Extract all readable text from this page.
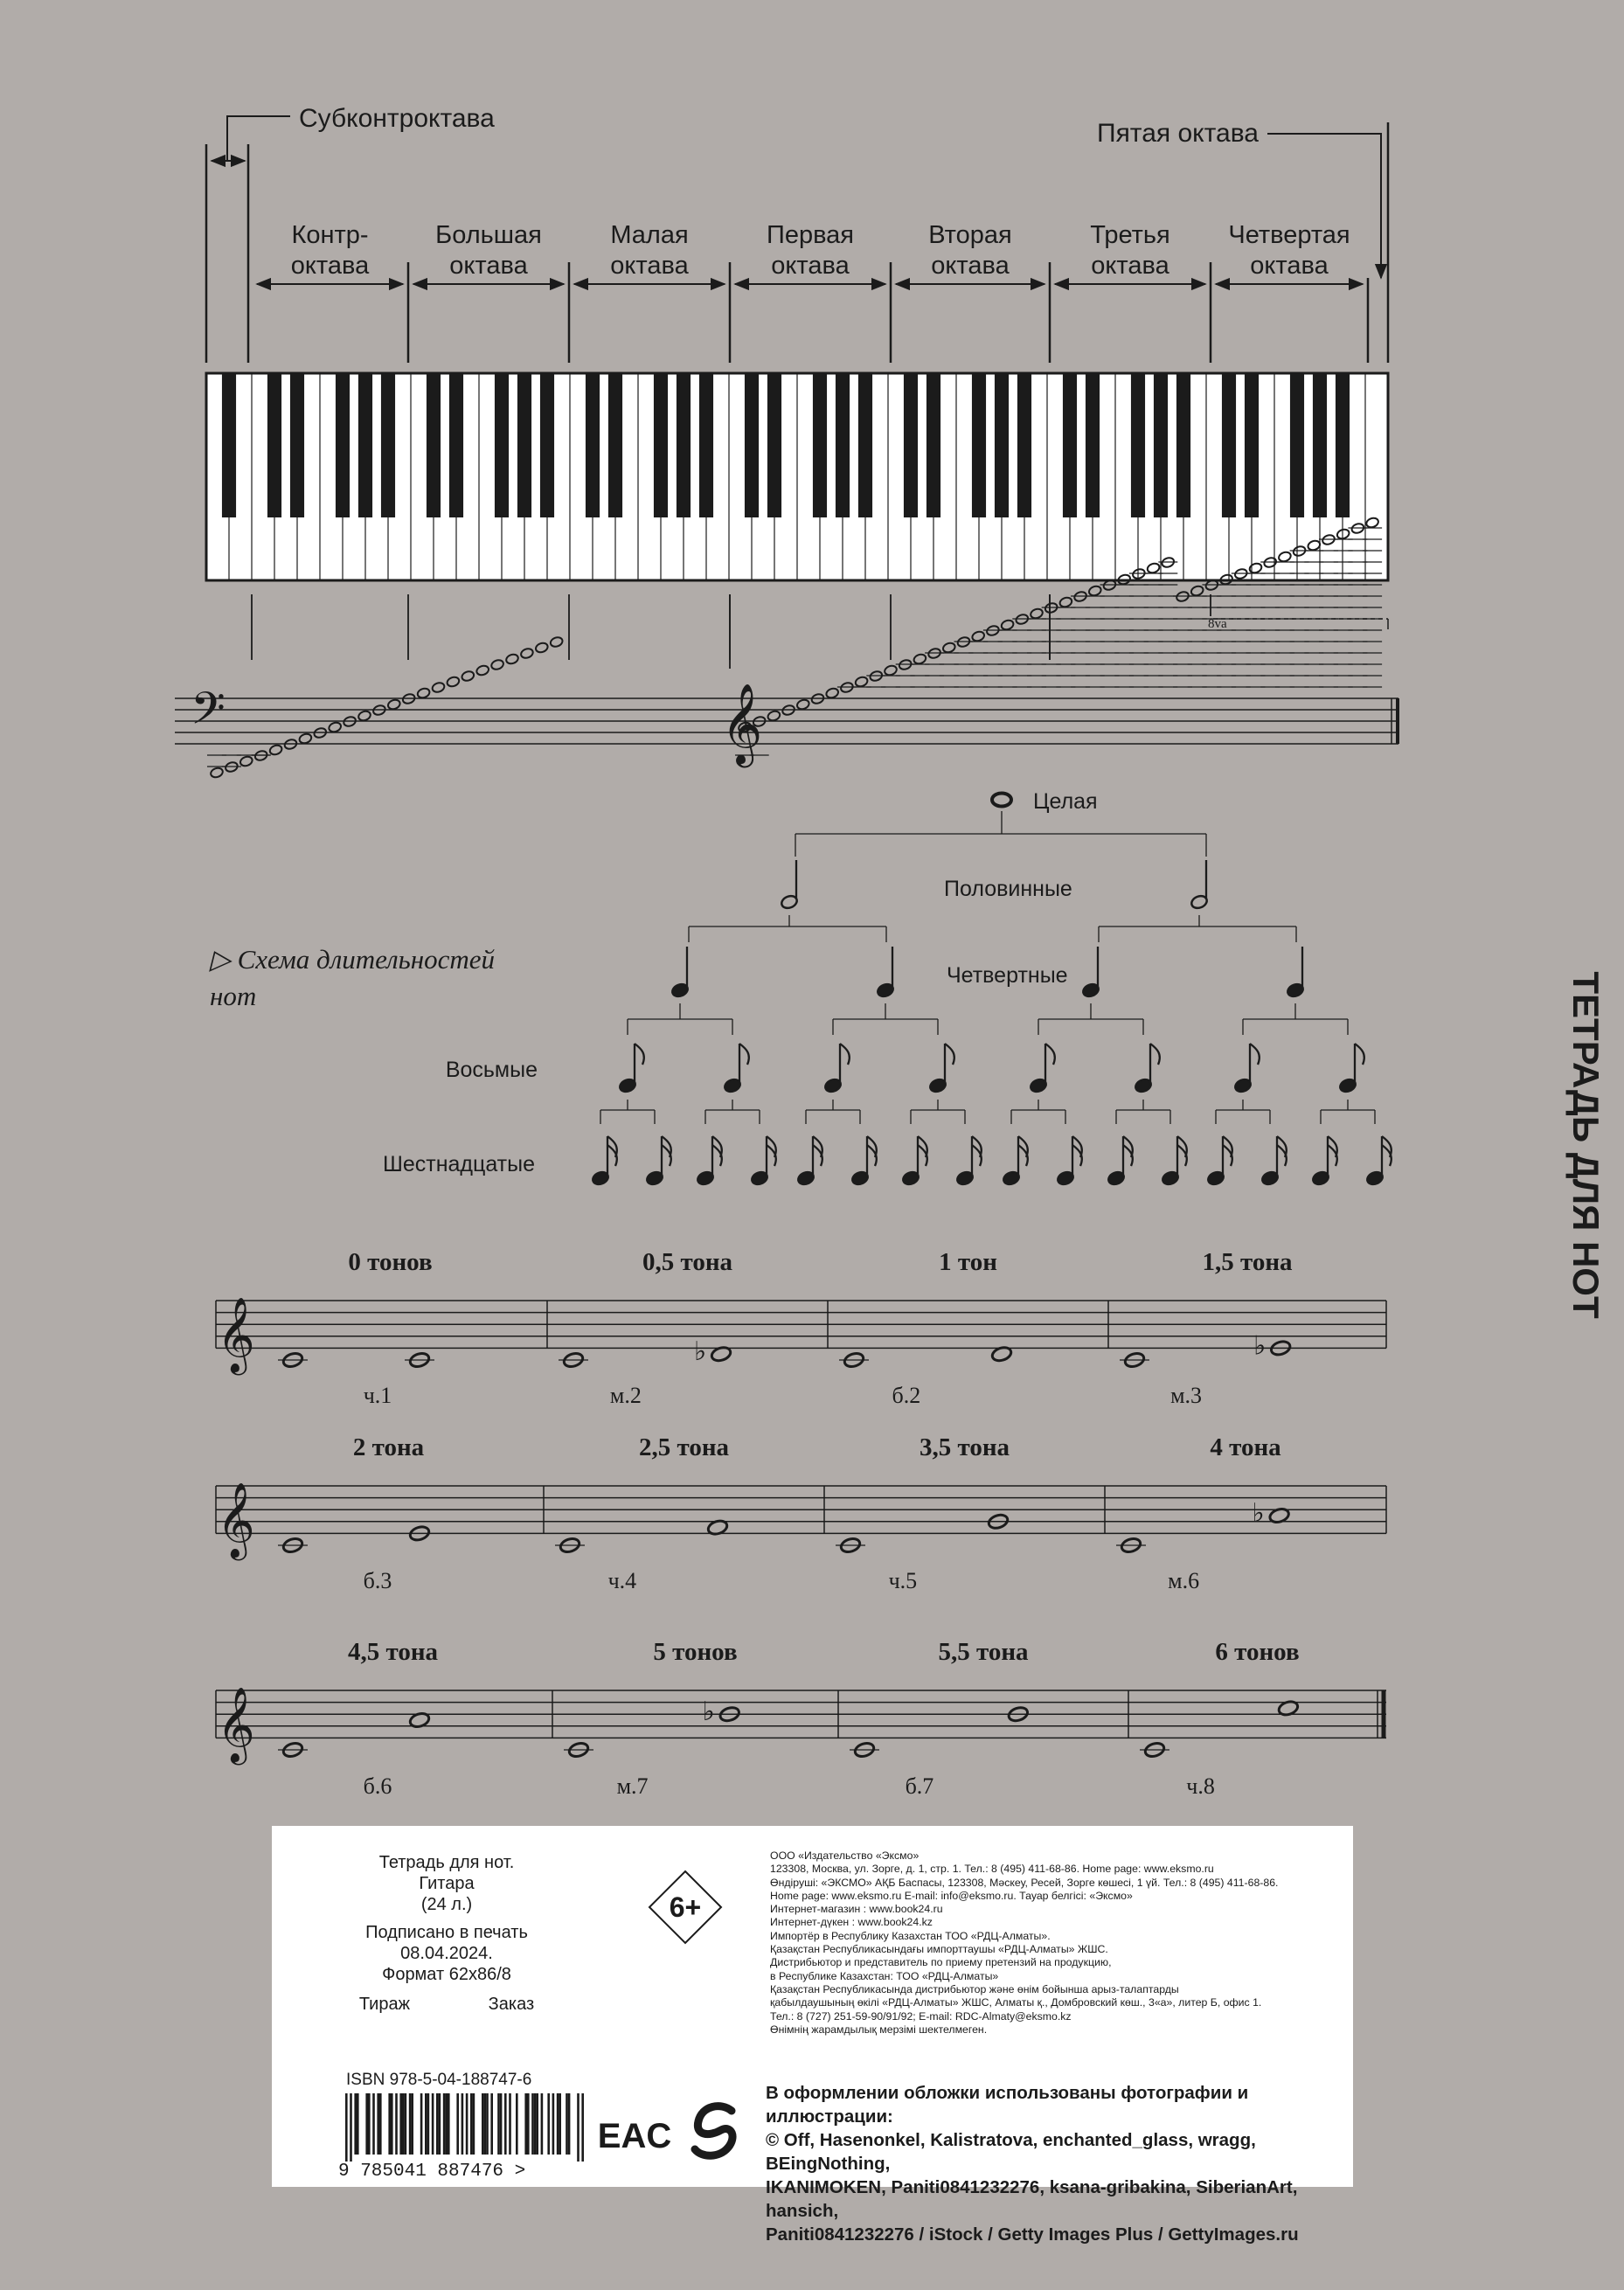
Субконтроктава
Пятая октава
Контр-
октава
Большая
октава
Малая
октава
Первая
октава
Вторая
октава
Третья
октава
Четвертая
октава
𝄢	𝄞
8va
▷ Схема длительностей
нот
Целая
Половинные
Четвертные
Восьмые
Шестнадцатые
𝄞
0 тонов
ч.1
0,5 тона
м.2
♭
1 тон
б.2
1,5 тона
м.3
♭
𝄞
2 тона
б.3
2,5 тона
ч.4
3,5 тона
ч.5
4 тона
м.6
♭
𝄞
4,5 тона
б.6
5 тонов
м.7
♭
5,5 тона
б.7
6 тонов
ч.8
ТЕТРАДЬ ДЛЯ НОТ
Тетрадь для нот.
Гитара
(24 л.)
Подписано в печать 08.04.2024.
Формат 62х86/8
Тираж	Заказ
6+
ООО «Издательство «Эксмо»
123308, Москва, ул. Зорге, д. 1, стр. 1. Тел.: 8 (495) 411-68-86. Home page: www.eksmo.ru
Өндіруші: «ЭКСМО» АҚБ Баспасы, 123308, Мәскеу, Ресей, Зорге көшесі, 1 үй. Тел.: 8 (495) 411-68-86.
Home page: www.eksmo.ru E-mail: info@eksmo.ru. Тауар белгісі: «Эксмо»
Интернет-магазин : www.book24.ru
Интернет-дүкен : www.book24.kz
Импортёр в Республику Казахстан ТОО «РДЦ-Алматы».
Қазақстан Республикасындағы импорттаушы «РДЦ-Алматы» ЖШС.
Дистрибьютор и представитель по приему претензий на продукцию,
в Республике Казахстан: ТОО «РДЦ-Алматы»
Қазақстан Республикасында дистрибьютор және өнім бойынша арыз-талаптарды
қабылдаушының өкілі «РДЦ-Алматы» ЖШС, Алматы қ., Домбровский көш., 3«а», литер Б, офис 1.
Тел.: 8 (727) 251-59-90/91/92; E-mail: RDC-Almaty@eksmo.kz
Өнімнің жарамдылық мерзімі шектелмеген.
ISBN 978-5-04-188747-6
9 785041 887476 >
EAC
В оформлении обложки использованы фотографии и иллюстрации:
© Off, Hasenonkel, Kalistratova, enchanted_glass, wragg, BEingNothing,
IKANIMOKEN, Paniti0841232276, ksana-gribakina, SiberianArt, hansich,
Paniti0841232276 / iStock / Getty Images Plus / GettyImages.ru
